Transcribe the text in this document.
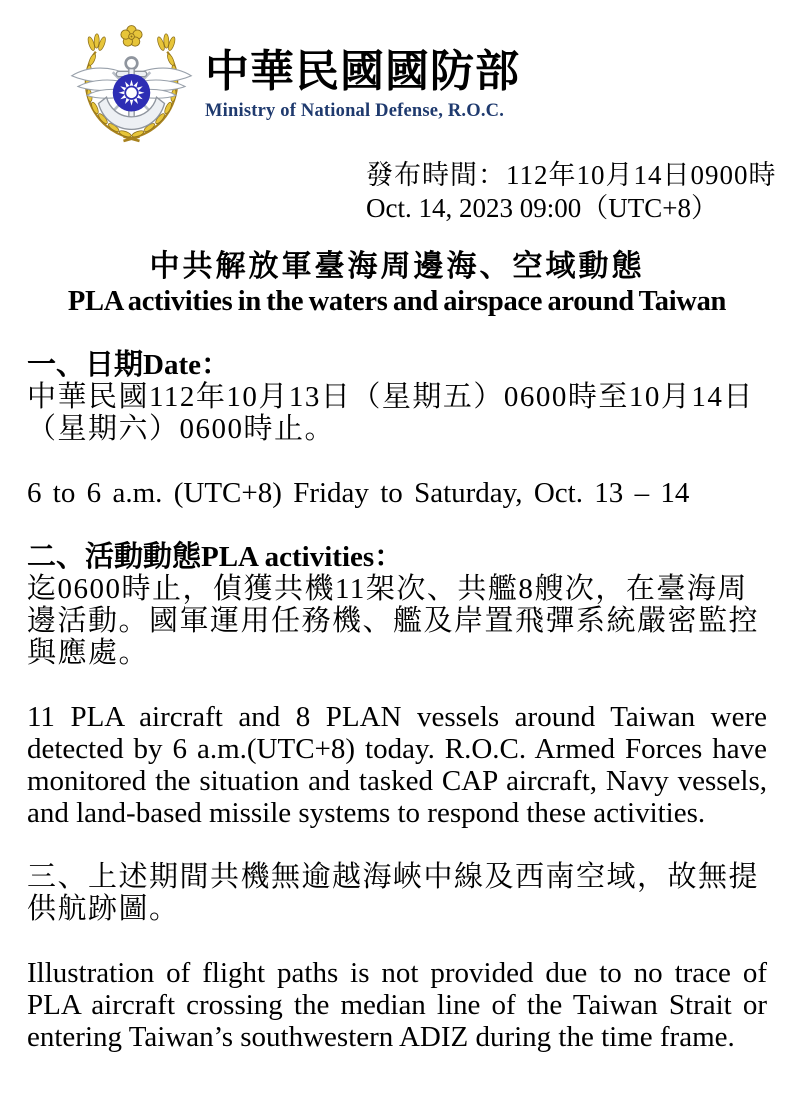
中華民國國防部
Ministry of National Defense, R.O.C.
發布時間：112年10月14日0900時
Oct. 14, 2023 09:00（UTC+8）
中共解放軍臺海周邊海、空域動態
PLA activities in the waters and airspace around Taiwan

一、日期Date：

中華民國112年10月13日（星期五）0600時至10月14日（星期六）0600時止。

6 to 6 a.m. (UTC+8) Friday to Saturday, Oct. 13 – 14

二、活動動態PLA activities：

迄0600時止，偵獲共機11架次、共艦8艘次，在臺海周邊活動。國軍運用任務機、艦及岸置飛彈系統嚴密監控與應處。

11 PLA aircraft and 8 PLAN vessels around Taiwan were detected by 6 a.m.(UTC+8) today. R.O.C. Armed Forces have monitored the situation and tasked CAP aircraft, Navy vessels, and land-based missile systems to respond these activities.

三、上述期間共機無逾越海峽中線及西南空域，故無提供航跡圖。

Illustration of flight paths is not provided due to no trace of PLA aircraft crossing the median line of the Taiwan Strait or entering Taiwan’s southwestern ADIZ during the time frame.
